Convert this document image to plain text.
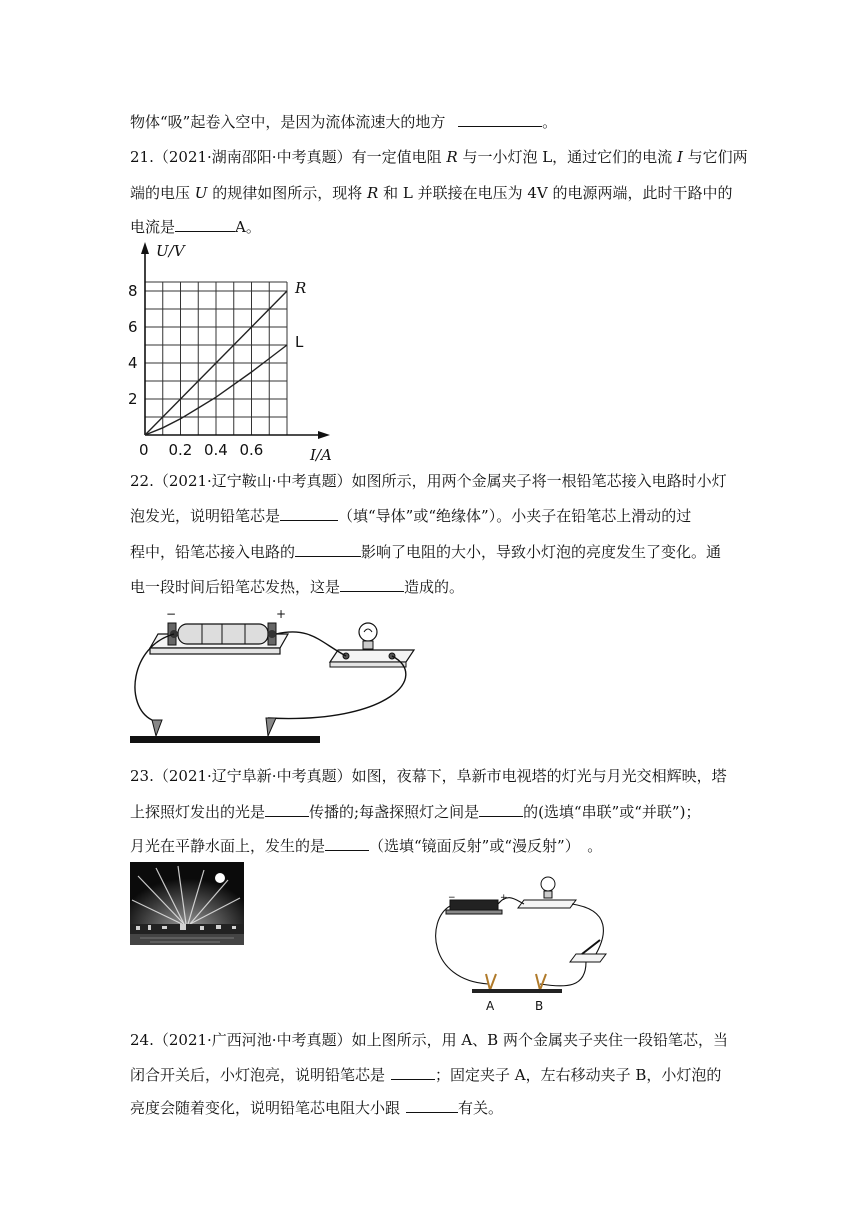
物体“吸”起卷入空中，是因为流体流速大的地方	。
21.（2021·湖南邵阳·中考真题）有一定值电阻 R 与一小灯泡 L，通过它们的电流 I 与它们两
端的电压 U 的规律如图所示，现将 R 和 L 并联接在电压为 4V 的电源两端，此时干路中的
电流是	A。
0 0.2 0.4 0.6
2
4
6
8
U/V
I/A
R
L
22.（2021·辽宁鞍山·中考真题）如图所示，用两个金属夹子将一根铅笔芯接入电路时小灯
泡发光，说明铅笔芯是	（填“导体”或“绝缘体”）。小夹子在铅笔芯上滑动的过
程中，铅笔芯接入电路的	影响了电阻的大小，导致小灯泡的亮度发生了变化。通
电一段时间后铅笔芯发热，这是	造成的。
−	+
23.（2021·辽宁阜新·中考真题）如图，夜幕下，阜新市电视塔的灯光与月光交相辉映，塔
上探照灯发出的光是	传播的;每盏探照灯之间是	的(选填“串联”或“并联”)；
月光在平静水面上，发生的是	（选填“镜面反射”或“漫反射”）　。
−	+
A	B
24.（2021·广西河池·中考真题）如上图所示，用 A、B 两个金属夹子夹住一段铅笔芯，当
闭合开关后，小灯泡亮，说明铅笔芯是	；固定夹子 A，左右移动夹子 B，小灯泡的
亮度会随着变化，说明铅笔芯电阻大小跟	有关。
